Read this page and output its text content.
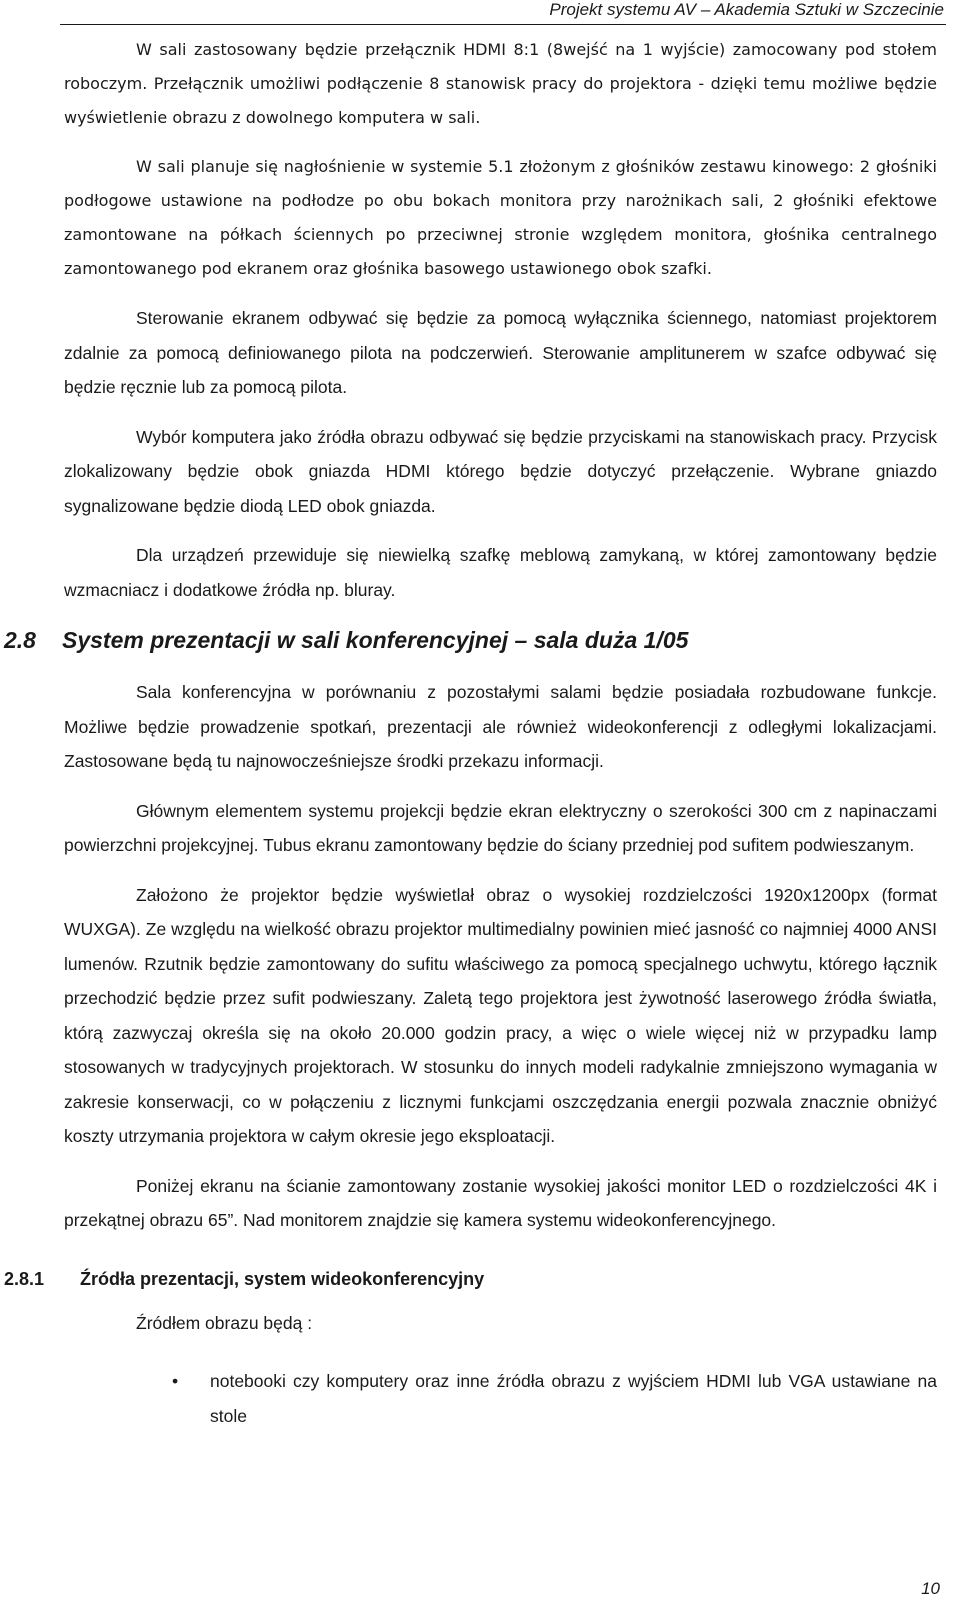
Projekt systemu AV – Akademia Sztuki w Szczecinie

W sali zastosowany będzie przełącznik HDMI 8:1 (8wejść na 1 wyjście) zamocowany pod stołem roboczym. Przełącznik umożliwi podłączenie 8 stanowisk pracy do projektora - dzięki temu możliwe będzie wyświetlenie obrazu z dowolnego komputera w sali.

W sali planuje się nagłośnienie w systemie 5.1 złożonym z głośników zestawu kinowego: 2 głośniki podłogowe ustawione na podłodze po obu bokach monitora przy narożnikach sali, 2 głośniki efektowe zamontowane na półkach ściennych po przeciwnej stronie względem monitora, głośnika centralnego zamontowanego pod ekranem oraz głośnika basowego ustawionego obok szafki.

Sterowanie ekranem odbywać się będzie za pomocą wyłącznika ściennego, natomiast projektorem zdalnie za pomocą definiowanego pilota na podczerwień. Sterowanie amplitunerem w szafce odbywać się będzie ręcznie lub za pomocą pilota.

Wybór komputera jako źródła obrazu odbywać się będzie przyciskami na stanowiskach pracy. Przycisk zlokalizowany będzie obok gniazda HDMI którego będzie dotyczyć przełączenie. Wybrane gniazdo sygnalizowane będzie diodą LED obok gniazda.

Dla urządzeń przewiduje się niewielką szafkę meblową zamykaną, w której zamontowany będzie wzmacniacz i dodatkowe źródła np. bluray.

2.8 System prezentacji w sali konferencyjnej – sala duża 1/05

Sala konferencyjna w porównaniu z pozostałymi salami będzie posiadała rozbudowane funkcje. Możliwe będzie prowadzenie spotkań, prezentacji ale również wideokonferencji z odległymi lokalizacjami. Zastosowane będą tu najnowocześniejsze środki przekazu informacji.

Głównym elementem systemu projekcji będzie ekran elektryczny o szerokości 300 cm z napinaczami powierzchni projekcyjnej. Tubus ekranu zamontowany będzie do ściany przedniej pod sufitem podwieszanym.

Założono że projektor będzie wyświetlał obraz o wysokiej rozdzielczości 1920x1200px (format WUXGA). Ze względu na wielkość obrazu projektor multimedialny powinien mieć jasność co najmniej 4000 ANSI lumenów. Rzutnik będzie zamontowany do sufitu właściwego za pomocą specjalnego uchwytu, którego łącznik przechodzić będzie przez sufit podwieszany. Zaletą tego projektora jest żywotność laserowego źródła światła, którą zazwyczaj określa się na około 20.000 godzin pracy, a więc o wiele więcej niż w przypadku lamp stosowanych w tradycyjnych projektorach. W stosunku do innych modeli radykalnie zmniejszono wymagania w zakresie konserwacji, co w połączeniu z licznymi funkcjami oszczędzania energii pozwala znacznie obniżyć koszty utrzymania projektora w całym okresie jego eksploatacji.

Poniżej ekranu na ścianie zamontowany zostanie wysokiej jakości monitor LED o rozdzielczości 4K i przekątnej obrazu 65”. Nad monitorem znajdzie się kamera systemu wideokonferencyjnego.

2.8.1 Źródła prezentacji, system wideokonferencyjny
Źródłem obrazu będą :
• notebooki czy komputery oraz inne źródła obrazu z wyjściem HDMI lub VGA ustawiane na stole
10
